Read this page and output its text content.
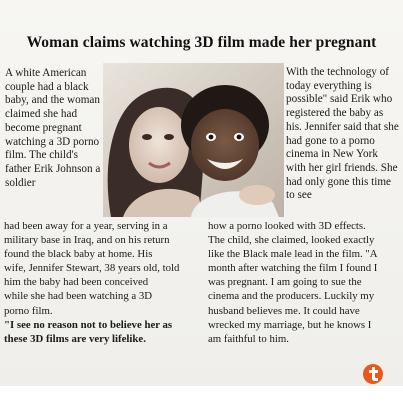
Woman claims watching 3D film made her pregnant

A white American couple had a black baby, and the woman claimed she had become pregnant watching a 3D porno film. The child's father Erik Johnson a soldier

With the technology of today everything is possible" said Erik who registered the baby as his. Jennifer said that she had gone to a porno cinema in New York with her girl friends. She had only gone this time to see

had been away for a year, serving in a
military base in Iraq, and on his return
found the black baby at home. His
wife, Jennifer Stewart, 38 years old, told
him the baby had been conceived
while she had been watching a 3D
porno film.
"I see no reason not to believe her as
these 3D films are very lifelike.
how a porno looked with 3D effects.
The child, she claimed, looked exactly
like the Black male lead in the film. "A
month after watching the film I found I
was pregnant. I am going to sue the
cinema and the producers. Luckily my
husband believes me. It could have
wrecked my marriage, but he knows I
am faithful to him.
